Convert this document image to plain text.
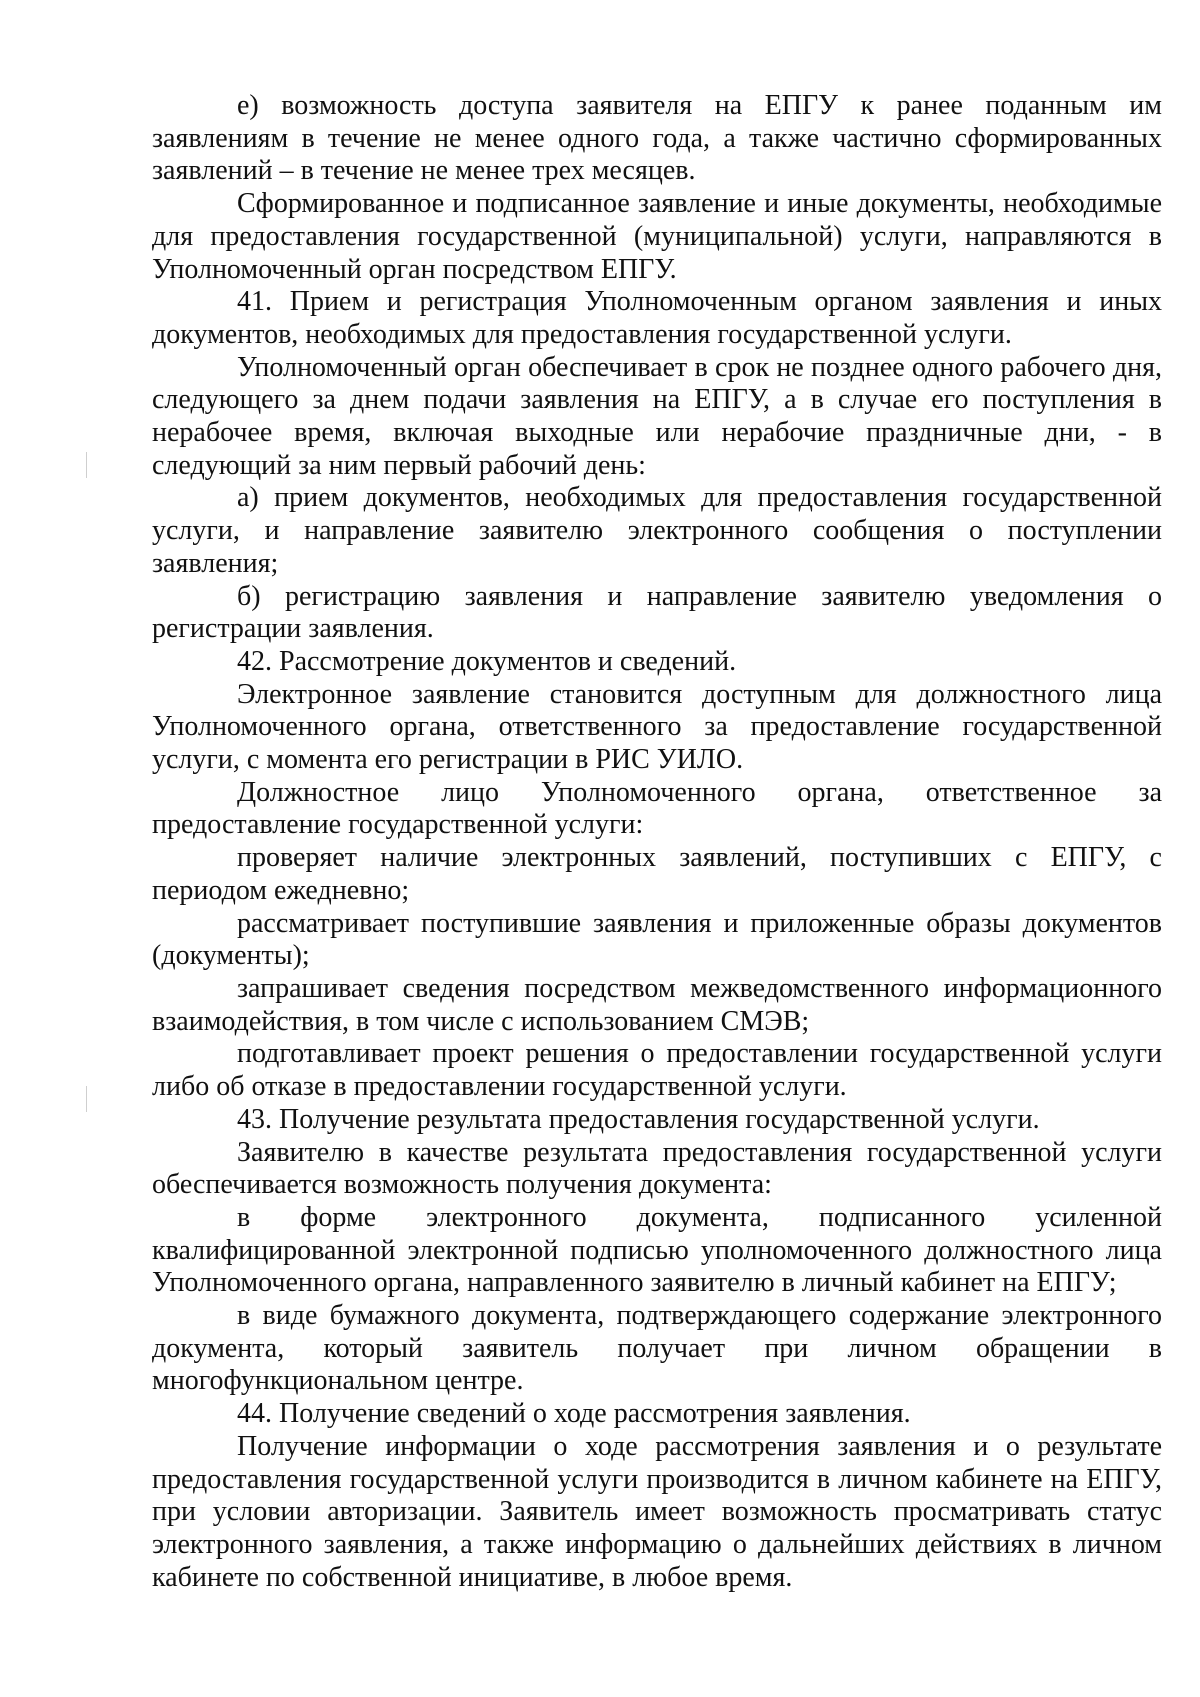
е) возможность доступа заявителя на ЕПГУ к ранее поданным им заявлениям в течение не менее одного года, а также частично сформированных заявлений – в течение не менее трех месяцев.

Сформированное и подписанное заявление и иные документы, необходимые для предоставления государственной (муниципальной) услуги, направляются в Уполномоченный орган посредством ЕПГУ.

41. Прием и регистрация Уполномоченным органом заявления и иных документов, необходимых для предоставления государственной услуги.

Уполномоченный орган обеспечивает в срок не позднее одного рабочего дня, следующего за днем подачи заявления на ЕПГУ, а в случае его поступления в нерабочее время, включая выходные или нерабочие праздничные дни, - в следующий за ним первый рабочий день:

а) прием документов, необходимых для предоставления государственной услуги, и направление заявителю электронного сообщения о поступлении заявления;

б) регистрацию заявления и направление заявителю уведомления о регистрации заявления.

42. Рассмотрение документов и сведений.

Электронное заявление становится доступным для должностного лица Уполномоченного органа, ответственного за предоставление государственной услуги, с момента его регистрации в РИС УИЛО.

Должностное лицо Уполномоченного органа, ответственное за предоставление государственной услуги:

проверяет наличие электронных заявлений, поступивших с ЕПГУ, с периодом ежедневно;

рассматривает поступившие заявления и приложенные образы документов (документы);

запрашивает сведения посредством межведомственного информационного взаимодействия, в том числе с использованием СМЭВ;

подготавливает проект решения о предоставлении государственной услуги либо об отказе в предоставлении государственной услуги.

43. Получение результата предоставления государственной услуги.

Заявителю в качестве результата предоставления государственной услуги обеспечивается возможность получения документа:

в форме электронного документа, подписанного усиленной квалифицированной электронной подписью уполномоченного должностного лица Уполномоченного органа, направленного заявителю в личный кабинет на ЕПГУ;

в виде бумажного документа, подтверждающего содержание электронного документа, который заявитель получает при личном обращении в многофункциональном центре.

44. Получение сведений о ходе рассмотрения заявления.

Получение информации о ходе рассмотрения заявления и о результате предоставления государственной услуги производится в личном кабинете на ЕПГУ, при условии авторизации. Заявитель имеет возможность просматривать статус электронного заявления, а также информацию о дальнейших действиях в личном кабинете по собственной инициативе, в любое время.
